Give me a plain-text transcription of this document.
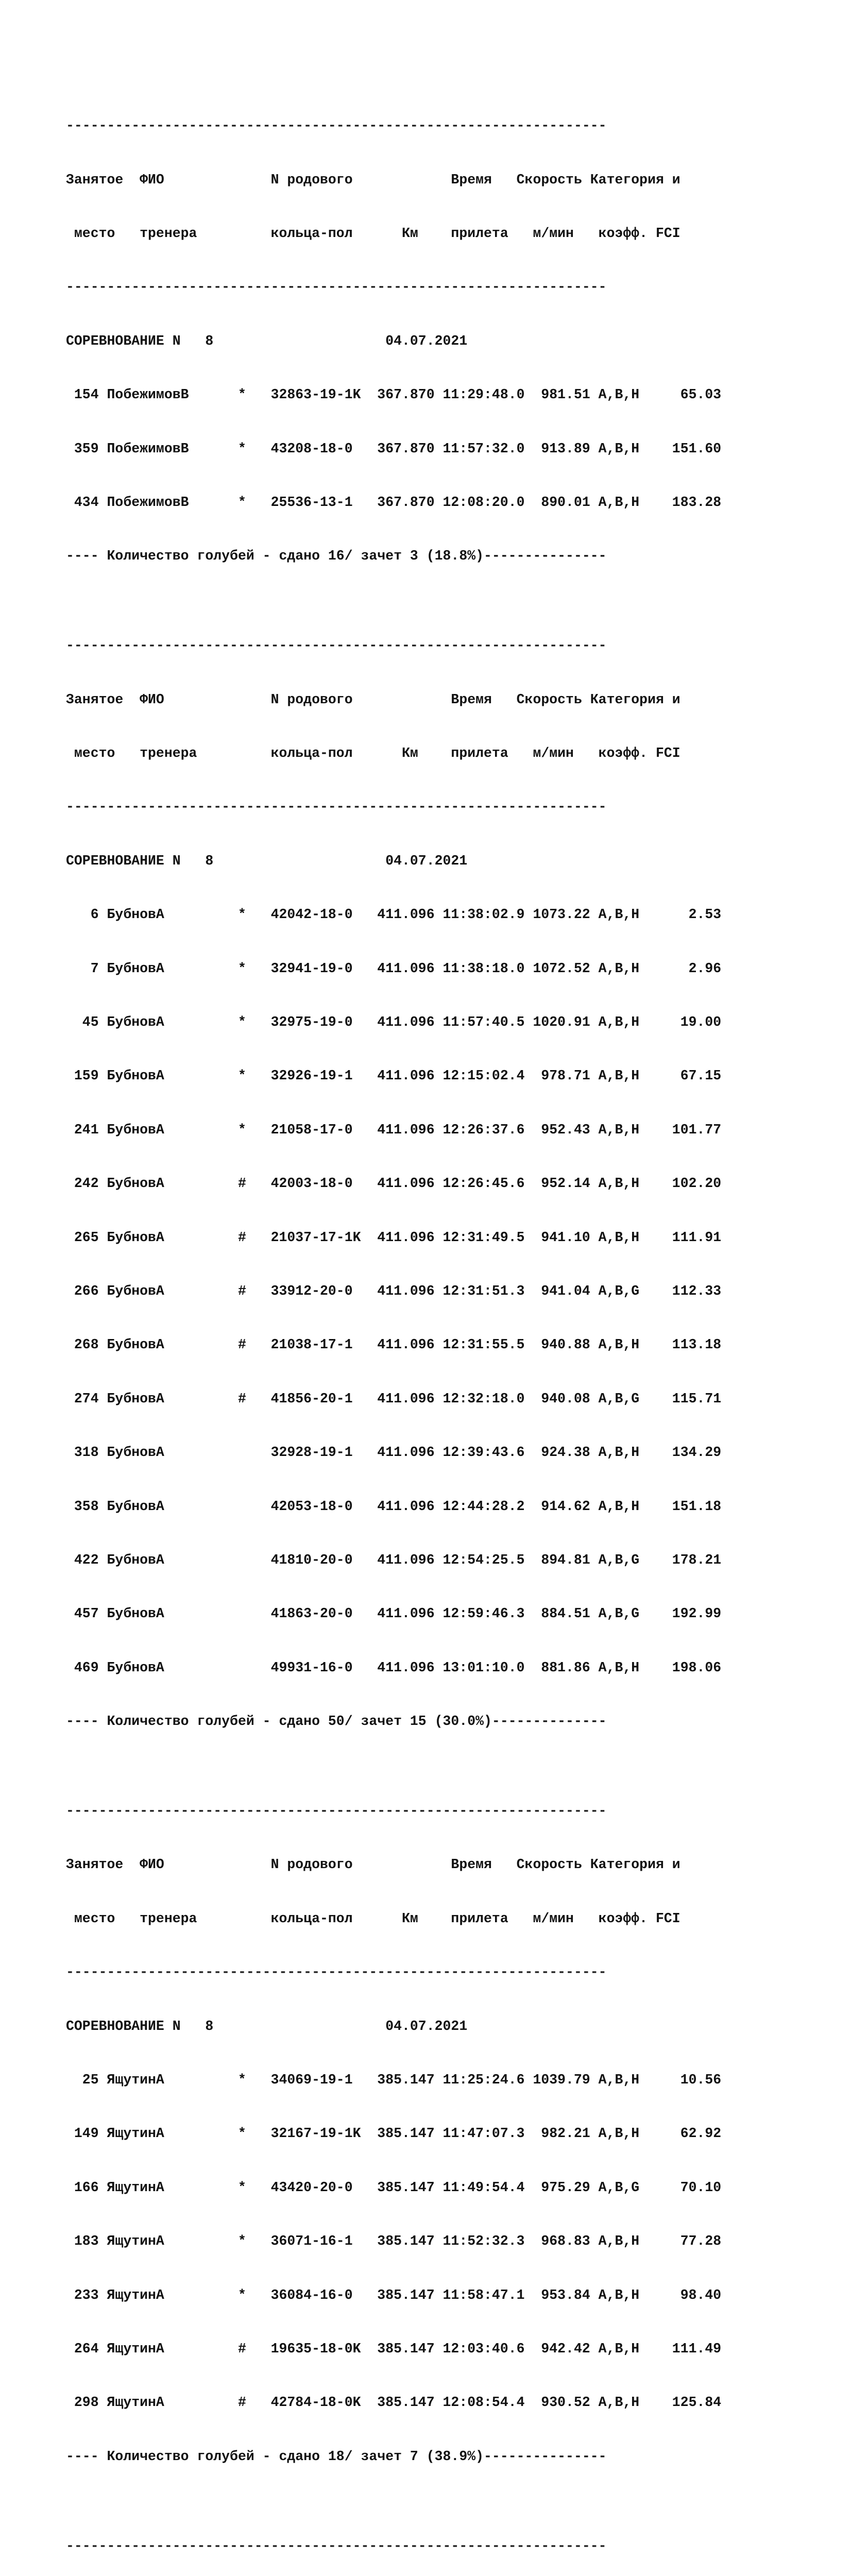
------------------------------------------------------------------

Занятое  ФИО             N родового            Время   Скорость Категория и

место   тренера         кольца-пол      Км    прилета   м/мин   коэфф. FCI

------------------------------------------------------------------

СОРЕВНОВАНИЕ N   8                     04.07.2021

154 ПобежимовВ      *   32863-19-1K  367.870 11:29:48.0  981.51 A,B,H     65.03

359 ПобежимовВ      *   43208-18-0   367.870 11:57:32.0  913.89 A,B,H    151.60

434 ПобежимовВ      *   25536-13-1   367.870 12:08:20.0  890.01 A,B,H    183.28

---- Количество голубей - сдано 16/ зачет 3 (18.8%)---------------

------------------------------------------------------------------

Занятое  ФИО             N родового            Время   Скорость Категория и

место   тренера         кольца-пол      Км    прилета   м/мин   коэфф. FCI

------------------------------------------------------------------

СОРЕВНОВАНИЕ N   8                     04.07.2021

6 БубновА         *   42042-18-0   411.096 11:38:02.9 1073.22 A,B,H      2.53

7 БубновА         *   32941-19-0   411.096 11:38:18.0 1072.52 A,B,H      2.96

45 БубновА         *   32975-19-0   411.096 11:57:40.5 1020.91 A,B,H     19.00

159 БубновА         *   32926-19-1   411.096 12:15:02.4  978.71 A,B,H     67.15

241 БубновА         *   21058-17-0   411.096 12:26:37.6  952.43 A,B,H    101.77

242 БубновА         #   42003-18-0   411.096 12:26:45.6  952.14 A,B,H    102.20

265 БубновА         #   21037-17-1K  411.096 12:31:49.5  941.10 A,B,H    111.91

266 БубновА         #   33912-20-0   411.096 12:31:51.3  941.04 A,B,G    112.33

268 БубновА         #   21038-17-1   411.096 12:31:55.5  940.88 A,B,H    113.18

274 БубновА         #   41856-20-1   411.096 12:32:18.0  940.08 A,B,G    115.71

318 БубновА             32928-19-1   411.096 12:39:43.6  924.38 A,B,H    134.29

358 БубновА             42053-18-0   411.096 12:44:28.2  914.62 A,B,H    151.18

422 БубновА             41810-20-0   411.096 12:54:25.5  894.81 A,B,G    178.21

457 БубновА             41863-20-0   411.096 12:59:46.3  884.51 A,B,G    192.99

469 БубновА             49931-16-0   411.096 13:01:10.0  881.86 A,B,H    198.06

---- Количество голубей - сдано 50/ зачет 15 (30.0%)--------------

------------------------------------------------------------------

Занятое  ФИО             N родового            Время   Скорость Категория и

место   тренера         кольца-пол      Км    прилета   м/мин   коэфф. FCI

------------------------------------------------------------------

СОРЕВНОВАНИЕ N   8                     04.07.2021

25 ЯщутинА         *   34069-19-1   385.147 11:25:24.6 1039.79 A,B,H     10.56

149 ЯщутинА         *   32167-19-1K  385.147 11:47:07.3  982.21 A,B,H     62.92

166 ЯщутинА         *   43420-20-0   385.147 11:49:54.4  975.29 A,B,G     70.10

183 ЯщутинА         *   36071-16-1   385.147 11:52:32.3  968.83 A,B,H     77.28

233 ЯщутинА         *   36084-16-0   385.147 11:58:47.1  953.84 A,B,H     98.40

264 ЯщутинА         #   19635-18-0K  385.147 12:03:40.6  942.42 A,B,H    111.49

298 ЯщутинА         #   42784-18-0K  385.147 12:08:54.4  930.52 A,B,H    125.84

---- Количество голубей - сдано 18/ зачет 7 (38.9%)---------------

------------------------------------------------------------------
